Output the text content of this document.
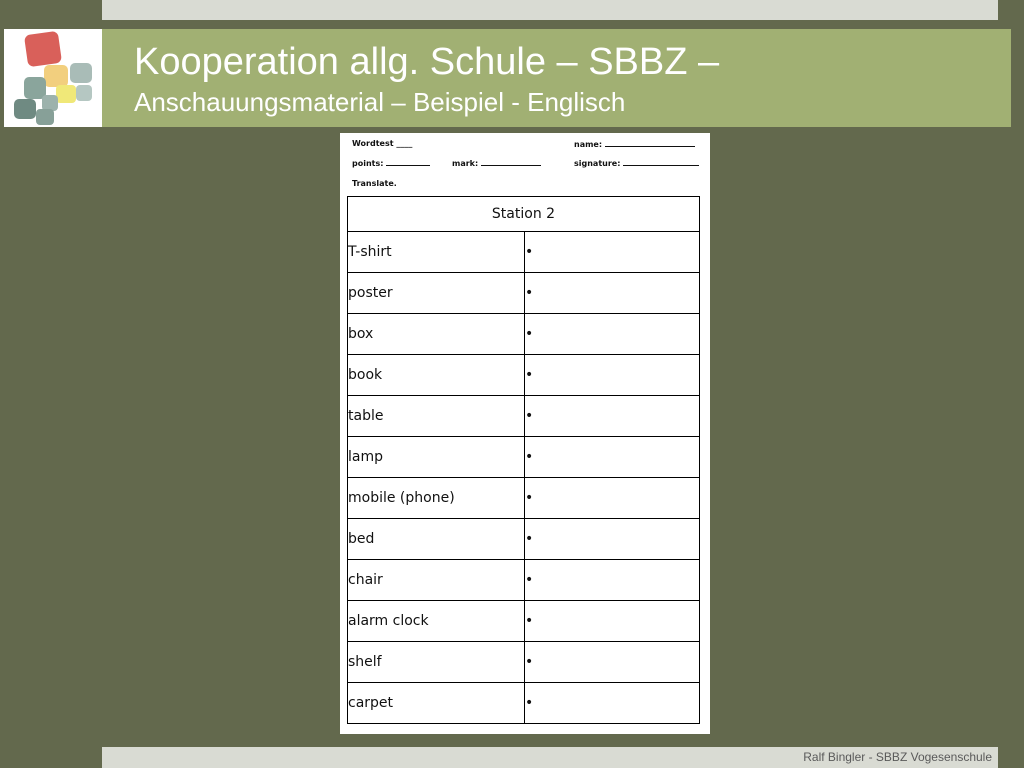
Kooperation allg. Schule – SBBZ –
Anschauungsmaterial – Beispiel - Englisch
Wordtest ____	name:
points:	mark:	signature:
Translate.
Station 2	
T-shirt	•
poster	•
box	•
book	•
table	•
lamp	•
mobile (phone)	•
bed	•
chair	•
alarm clock	•
shelf	•
carpet	•
Ralf Bingler - SBBZ Vogesenschule
